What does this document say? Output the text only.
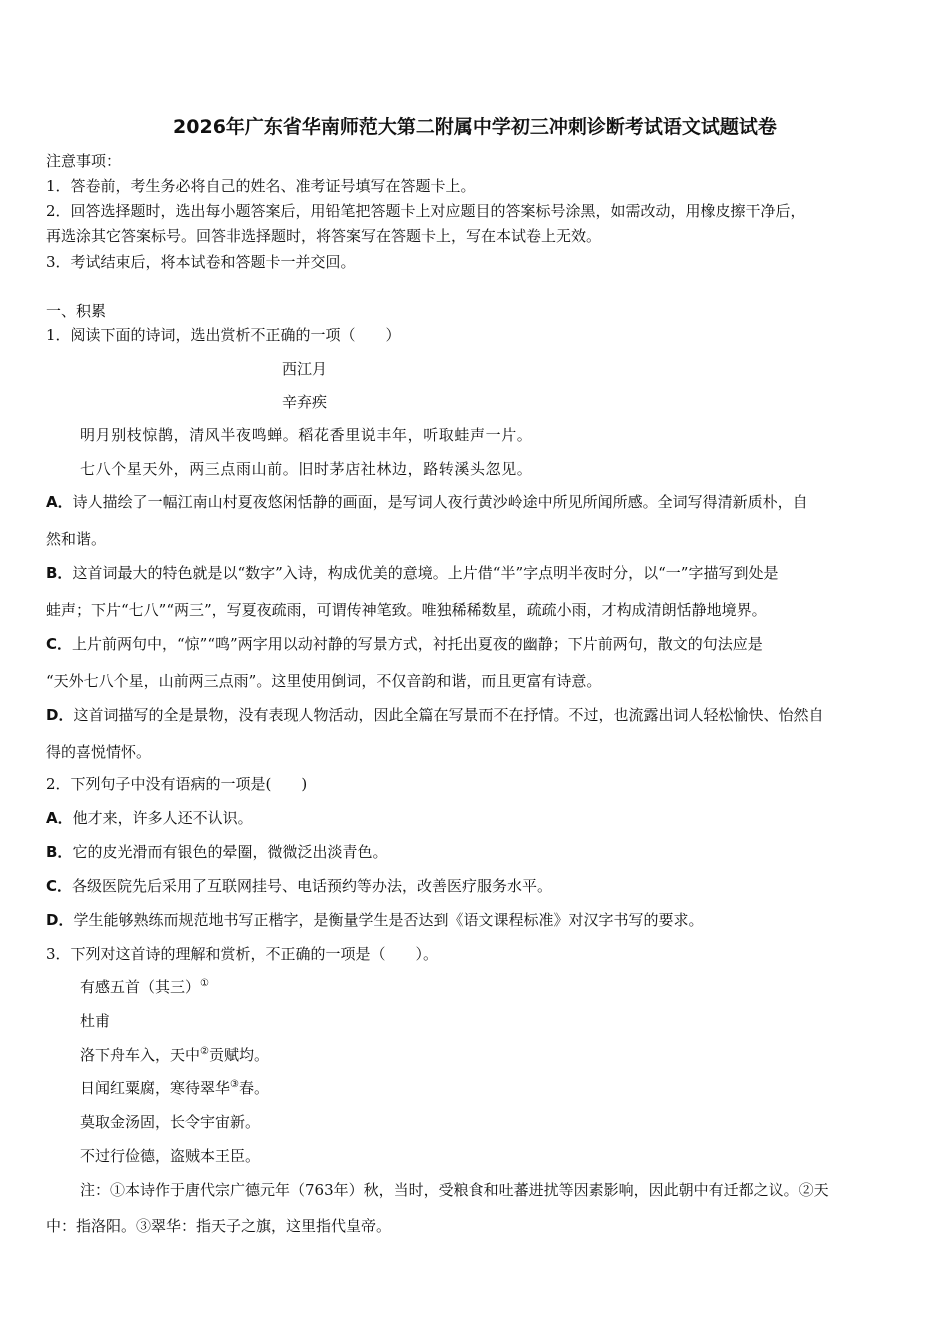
2026年广东省华南师范大第二附属中学初三冲刺诊断考试语文试题试卷
注意事项：
1．答卷前，考生务必将自己的姓名、准考证号填写在答题卡上。
2．回答选择题时，选出每小题答案后，用铅笔把答题卡上对应题目的答案标号涂黑，如需改动，用橡皮擦干净后，
再选涂其它答案标号。回答非选择题时，将答案写在答题卡上，写在本试卷上无效。
3．考试结束后，将本试卷和答题卡一并交回。
一、积累
1．阅读下面的诗词，选出赏析不正确的一项（　　）
西江月
辛弃疾
明月别枝惊鹊，清风半夜鸣蝉。稻花香里说丰年，听取蛙声一片。
七八个星天外，两三点雨山前。旧时茅店社林边，路转溪头忽见。
A．诗人描绘了一幅江南山村夏夜悠闲恬静的画面，是写词人夜行黄沙岭途中所见所闻所感。全词写得清新质朴，自
然和谐。
B．这首词最大的特色就是以“数字”入诗，构成优美的意境。上片借“半”字点明半夜时分，以“一”字描写到处是
蛙声；下片“七八”“两三”，写夏夜疏雨，可谓传神笔致。唯独稀稀数星，疏疏小雨，才构成清朗恬静地境界。
C．上片前两句中，“惊”“鸣”两字用以动衬静的写景方式，衬托出夏夜的幽静；下片前两句，散文的句法应是
“天外七八个星，山前两三点雨”。这里使用倒词，不仅音韵和谐，而且更富有诗意。
D．这首词描写的全是景物，没有表现人物活动，因此全篇在写景而不在抒情。不过，也流露出词人轻松愉快、怡然自
得的喜悦情怀。
2．下列句子中没有语病的一项是(　　)
A．他才来，许多人还不认识。
B．它的皮光滑而有银色的晕圈，微微泛出淡青色。
C．各级医院先后采用了互联网挂号、电话预约等办法，改善医疗服务水平。
D．学生能够熟练而规范地书写正楷字，是衡量学生是否达到《语文课程标准》对汉字书写的要求。
3．下列对这首诗的理解和赏析，不正确的一项是（　　）。
有感五首（其三）①
杜甫
洛下舟车入，天中②贡赋均。
日闻红粟腐，寒待翠华③春。
莫取金汤固，长令宇宙新。
不过行俭德，盗贼本王臣。
注：①本诗作于唐代宗广德元年（763年）秋，当时，受粮食和吐蕃进扰等因素影响，因此朝中有迁都之议。②天
中：指洛阳。③翠华：指天子之旗，这里指代皇帝。
